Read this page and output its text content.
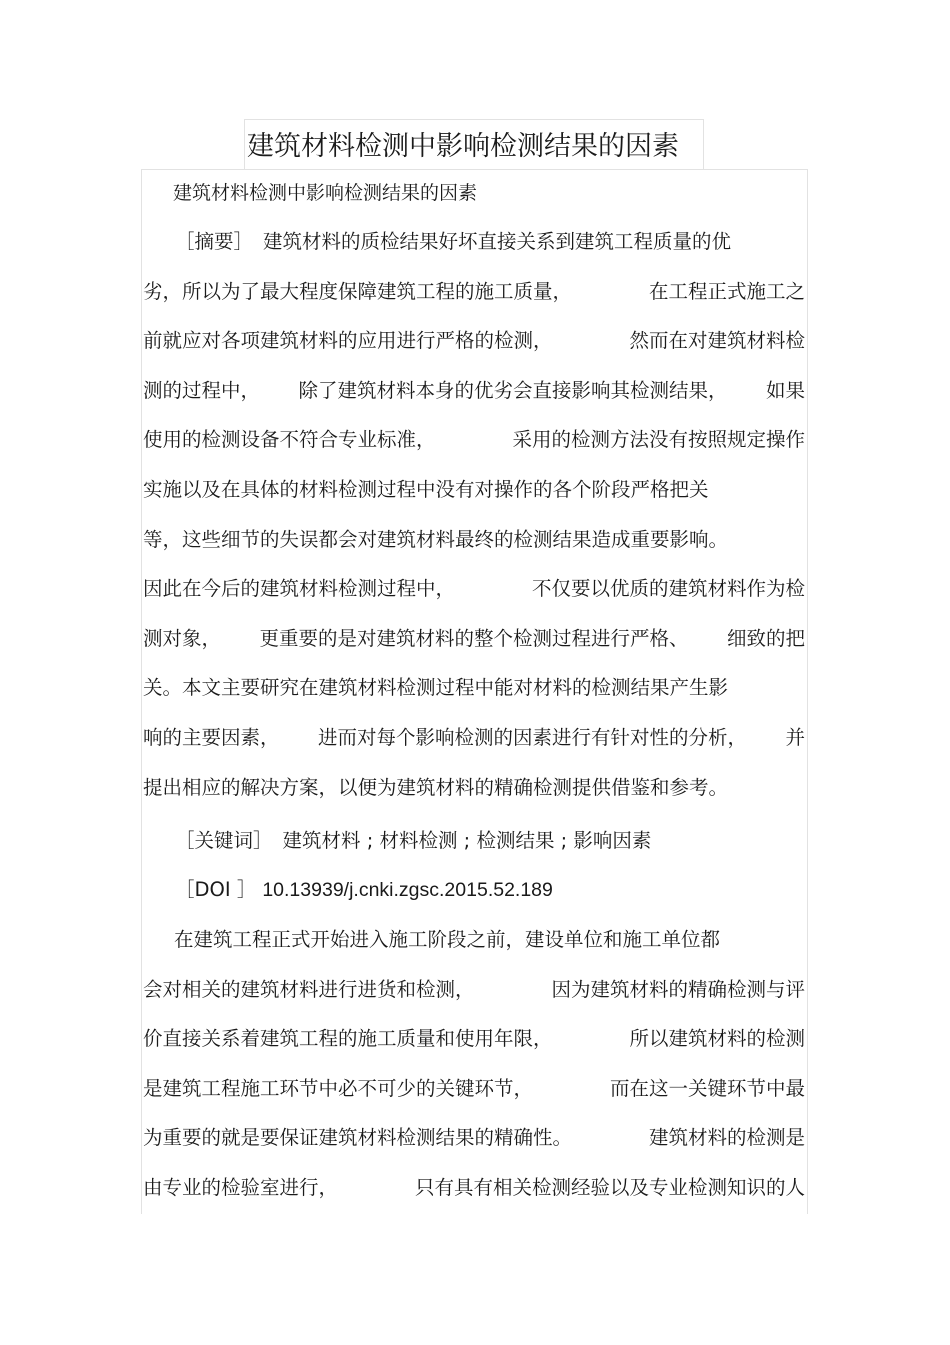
建筑材料检测中影响检测结果的因素
建筑材料检测中影响检测结果的因素
［摘要］ 建筑材料的质检结果好坏直接关系到建筑工程质量的优
劣，所以为了最大程度保障建筑工程的施工质量，	在工程正式施工之
前就应对各项建筑材料的应用进行严格的检测，	然而在对建筑材料检
测的过程中， 除了建筑材料本身的优劣会直接影响其检测结果， 如果
使用的检测设备不符合专业标准，	采用的检测方法没有按照规定操作
实施以及在具体的材料检测过程中没有对操作的各个阶段严格把关
等，这些细节的失误都会对建筑材料最终的检测结果造成重要影响。
因此在今后的建筑材料检测过程中，	不仅要以优质的建筑材料作为检
测对象， 更重要的是对建筑材料的整个检测过程进行严格、 细致的把
关。本文主要研究在建筑材料检测过程中能对材料的检测结果产生影
响的主要因素， 进而对每个影响检测的因素进行有针对性的分析， 并
提出相应的解决方案，以便为建筑材料的精确检测提供借鉴和参考。
［关键词］ 建筑材料 ; 材料检测 ; 检测结果 ; 影响因素
［DOI ］ 10.13939/j.cnki.zgsc.2015.52.189
在建筑工程正式开始进入施工阶段之前，建设单位和施工单位都
会对相关的建筑材料进行进货和检测，	因为建筑材料的精确检测与评
价直接关系着建筑工程的施工质量和使用年限，	所以建筑材料的检测
是建筑工程施工环节中必不可少的关键环节，	而在这一关键环节中最
为重要的就是要保证建筑材料检测结果的精确性。	建筑材料的检测是
由专业的检验室进行，	只有具有相关检测经验以及专业检测知识的人
